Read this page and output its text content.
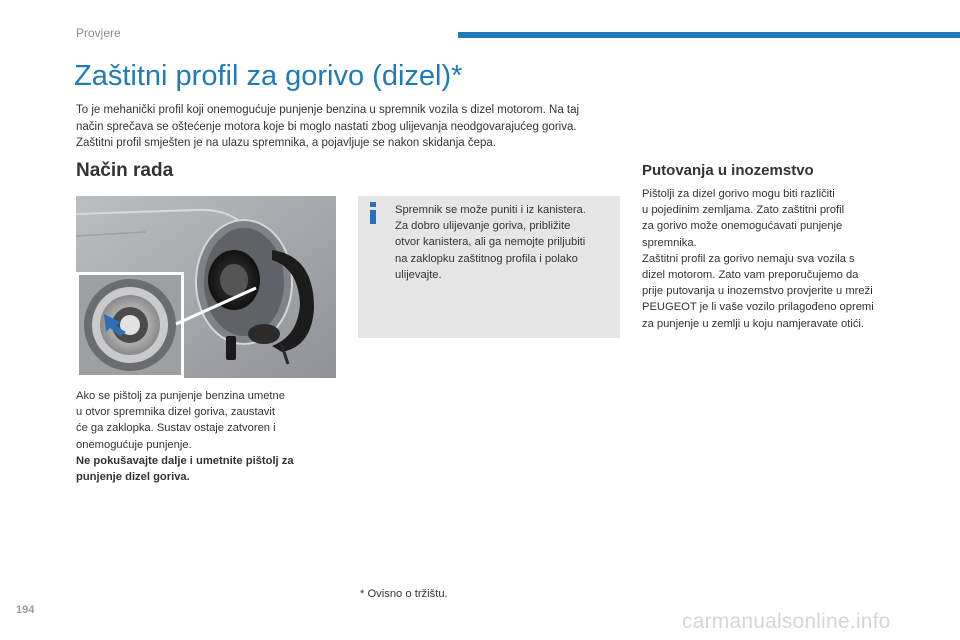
Provjere
Zaštitni profil za gorivo (dizel)*
To je mehanički profil koji onemogućuje punjenje benzina u spremnik vozila s dizel motorom. Na taj
način sprečava se oštećenje motora koje bi moglo nastati zbog ulijevanja neodgovarajućeg goriva.
Zaštitni profil smješten je na ulazu spremnika, a pojavljuje se nakon skidanja čepa.
Način rada
Spremnik se može puniti i iz kanistera.
Za dobro ulijevanje goriva, približite
otvor kanistera, ali ga nemojte priljubiti
na zaklopku zaštitnog profila i polako
ulijevajte.
Ako se pištolj za punjenje benzina umetne
u otvor spremnika dizel goriva, zaustavit
će ga zaklopka. Sustav ostaje zatvoren i
onemogućuje punjenje.
Ne pokušavajte dalje i umetnite pištolj za
punjenje dizel goriva.
Putovanja u inozemstvo
Pištolji za dizel gorivo mogu biti različiti
u pojedinim zemljama. Zato zaštitni profil
za gorivo može onemogućavati punjenje
spremnika.
Zaštitni profil za gorivo nemaju sva vozila s
dizel motorom. Zato vam preporučujemo da
prije putovanja u inozemstvo provjerite u mreži
PEUGEOT je li vaše vozilo prilagođeno opremi
za punjenje u zemlji u koju namjeravate otići.
* Ovisno o tržištu.
194	carmanualsonline.info
